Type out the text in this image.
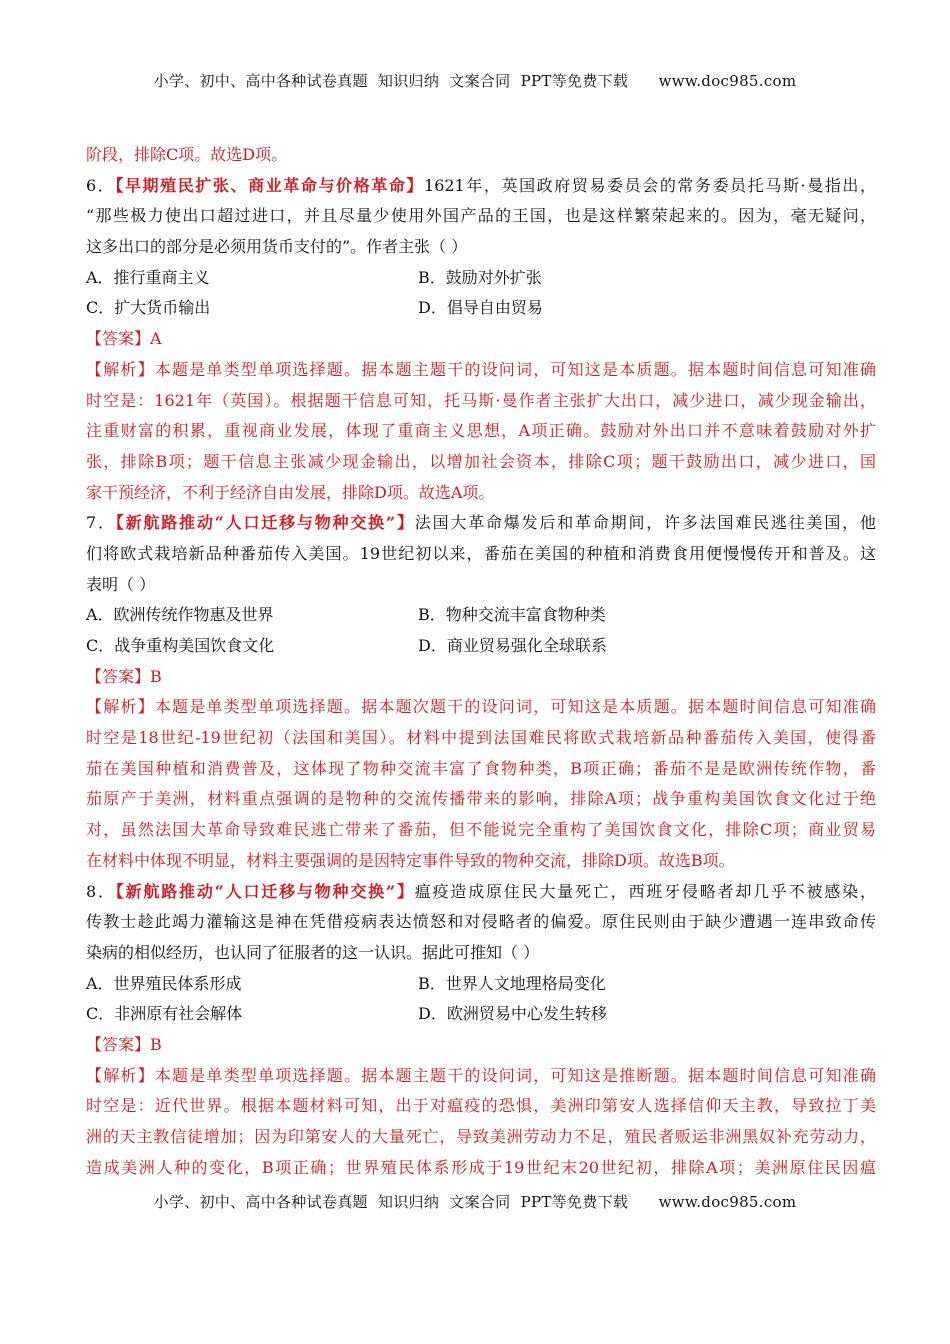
小学、初中、高中各种试卷真题  知识归纳  文案合同  PPT等免费下载      www.doc985.com
阶段，排除C项。故选D项。
6．【早期殖民扩张、商业革命与价格革命】1621年，英国政府贸易委员会的常务委员托马斯·曼指出，
“那些极力使出口超过进口，并且尽量少使用外国产品的王国，也是这样繁荣起来的。因为，毫无疑问，
这多出口的部分是必须用货币支付的”。作者主张（ ）
A．推行重商主义	B．鼓励对外扩张
C．扩大货币输出	D．倡导自由贸易
【答案】A
【解析】本题是单类型单项选择题。据本题主题干的设问词，可知这是本质题。据本题时间信息可知准确
时空是：1621年（英国）。根据题干信息可知，托马斯·曼作者主张扩大出口，减少进口，减少现金输出，
注重财富的积累，重视商业发展，体现了重商主义思想，A项正确。鼓励对外出口并不意味着鼓励对外扩
张，排除B项；题干信息主张减少现金输出，以增加社会资本，排除C项；题干鼓励出口，减少进口，国
家干预经济，不利于经济自由发展，排除D项。故选A项。
7．【新航路推动“人口迁移与物种交换”】法国大革命爆发后和革命期间，许多法国难民逃往美国，他
们将欧式栽培新品种番茄传入美国。19世纪初以来，番茄在美国的种植和消费食用便慢慢传开和普及。这
表明（ ）
A．欧洲传统作物惠及世界	B．物种交流丰富食物种类
C．战争重构美国饮食文化	D．商业贸易强化全球联系
【答案】B
【解析】本题是单类型单项选择题。据本题次题干的设问词，可知这是本质题。据本题时间信息可知准确
时空是18世纪-19世纪初（法国和美国）。材料中提到法国难民将欧式栽培新品种番茄传入美国，使得番
茄在美国种植和消费普及，这体现了物种交流丰富了食物种类，B项正确；番茄不是是欧洲传统作物，番
茄原产于美洲，材料重点强调的是物种的交流传播带来的影响，排除A项；战争重构美国饮食文化过于绝
对，虽然法国大革命导致难民逃亡带来了番茄，但不能说完全重构了美国饮食文化，排除C项；商业贸易
在材料中体现不明显，材料主要强调的是因特定事件导致的物种交流，排除D项。故选B项。
8．【新航路推动“人口迁移与物种交换”】瘟疫造成原住民大量死亡，西班牙侵略者却几乎不被感染，
传教士趁此竭力灌输这是神在凭借疫病表达愤怒和对侵略者的偏爱。原住民则由于缺少遭遇一连串致命传
染病的相似经历，也认同了征服者的这一认识。据此可推知（ ）
A．世界殖民体系形成	B．世界人文地理格局变化
C．非洲原有社会解体	D．欧洲贸易中心发生转移
【答案】B
【解析】本题是单类型单项选择题。据本题主题干的设问词，可知这是推断题。据本题时间信息可知准确
时空是：近代世界。根据本题材料可知，出于对瘟疫的恐惧，美洲印第安人选择信仰天主教，导致拉丁美
洲的天主教信徒增加；因为印第安人的大量死亡，导致美洲劳动力不足，殖民者贩运非洲黑奴补充劳动力，
造成美洲人种的变化，B项正确；世界殖民体系形成于19世纪末20世纪初，排除A项；美洲原住民因瘟
小学、初中、高中各种试卷真题  知识归纳  文案合同  PPT等免费下载      www.doc985.com
